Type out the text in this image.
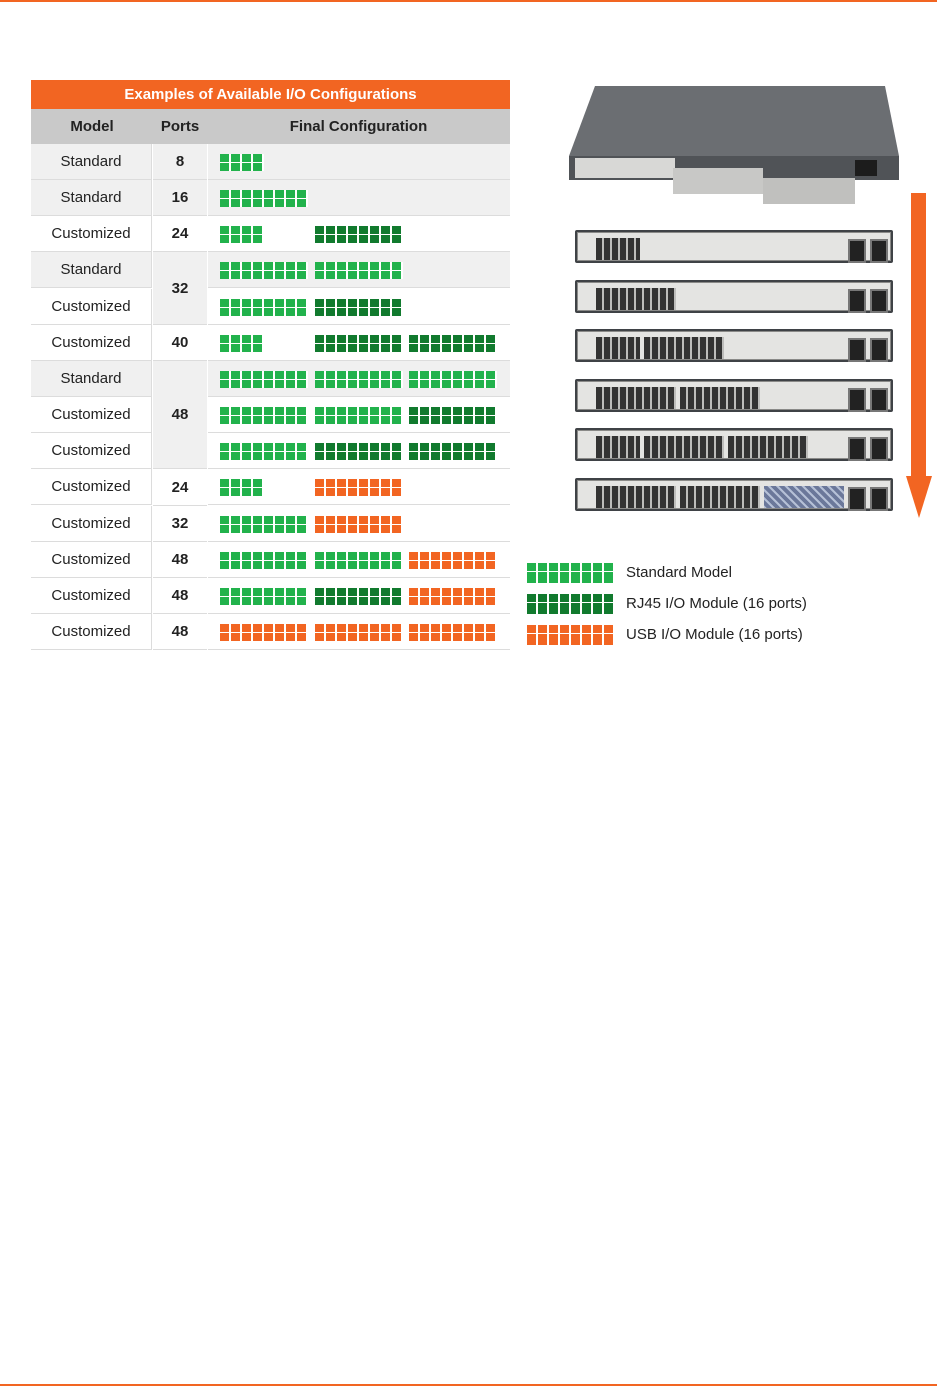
Examples of Available I/O Configurations
Model	Ports	Final Configuration
Standard
Standard
Customized
Standard
Customized
Customized
Standard
Customized
Customized
Customized
Customized
Customized
Customized
Customized
8
16
24
32
40
48
24
32
48
48
48
Standard Model
RJ45 I/O Module (16 ports)
USB I/O Module (16 ports)
